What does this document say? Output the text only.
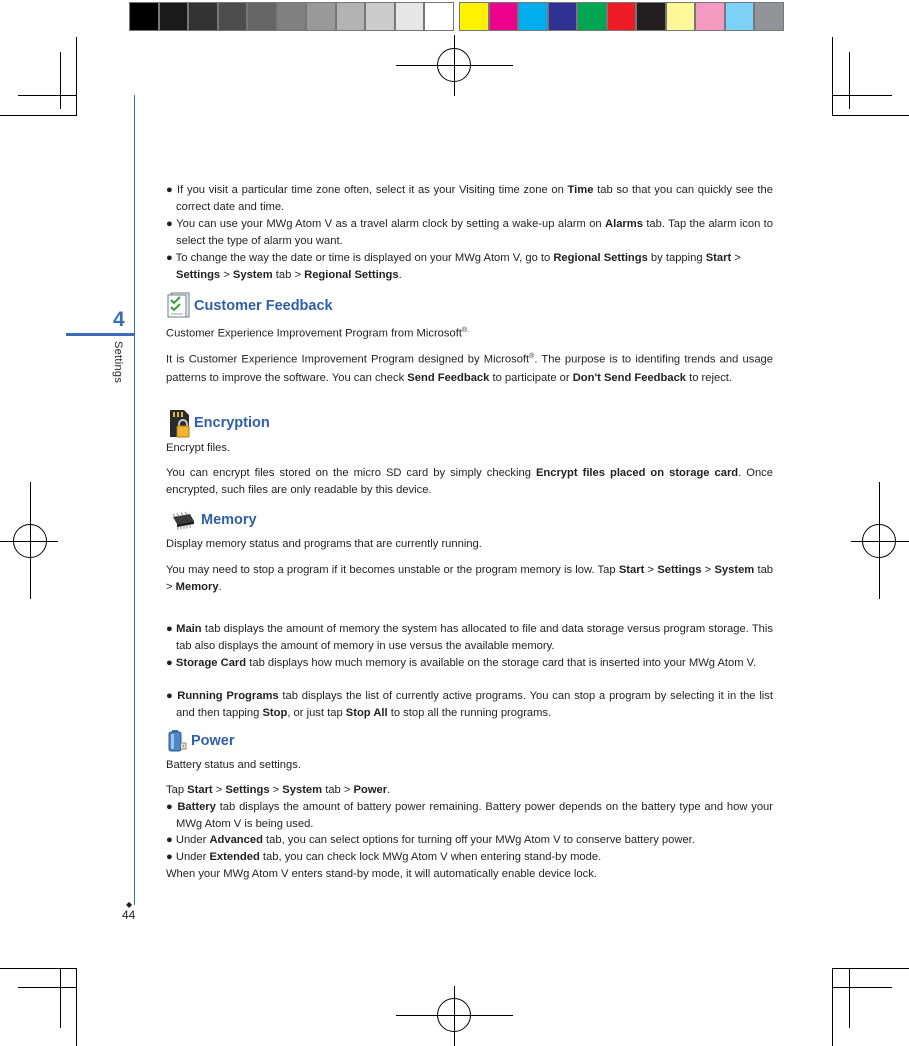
4
Settings
◆
44
● If you visit a particular time zone often, select it as your Visiting time zone on Time tab so that you can quickly see the correct date and time.
● You can use your MWg Atom V as a travel alarm clock by setting a wake-up alarm on Alarms tab. Tap the alarm icon to select the type of alarm you want.
● To change the way the date or time is displayed on your MWg Atom V, go to Regional Settings by tapping Start > Settings > System tab > Regional Settings.
Customer Feedback
Customer Experience Improvement Program from Microsoft®.
It is Customer Experience Improvement Program designed by Microsoft®. The purpose is to identifing trends and usage patterns to improve the software. You can check Send Feedback to participate or Don't Send Feedback to reject.
Encryption
Encrypt files.
You can encrypt files stored on the micro SD card by simply checking Encrypt files placed on storage card. Once encrypted, such files are only readable by this device.
Memory
Display memory status and programs that are currently running.
You may need to stop a program if it becomes unstable or the program memory is low. Tap Start > Settings > System tab > Memory.
● Main tab displays the amount of memory the system has allocated to file and data storage versus program storage. This tab also displays the amount of memory in use versus the available memory.
● Storage Card tab displays how much memory is available on the storage card that is inserted into your MWg Atom V.
● Running Programs tab displays the list of currently active programs. You can stop a program by selecting it in the list and then tapping Stop, or just tap Stop All to stop all the running programs.
Power
Battery status and settings.
Tap Start > Settings > System tab > Power.
● Battery tab displays the amount of battery power remaining. Battery power depends on the battery type and how your MWg Atom V is being used.
● Under Advanced tab, you can select options for turning off your MWg Atom V to conserve battery power.
● Under Extended tab, you can check lock MWg Atom V when entering stand-by mode.
When your MWg Atom V enters stand-by mode, it will automatically enable device lock.
